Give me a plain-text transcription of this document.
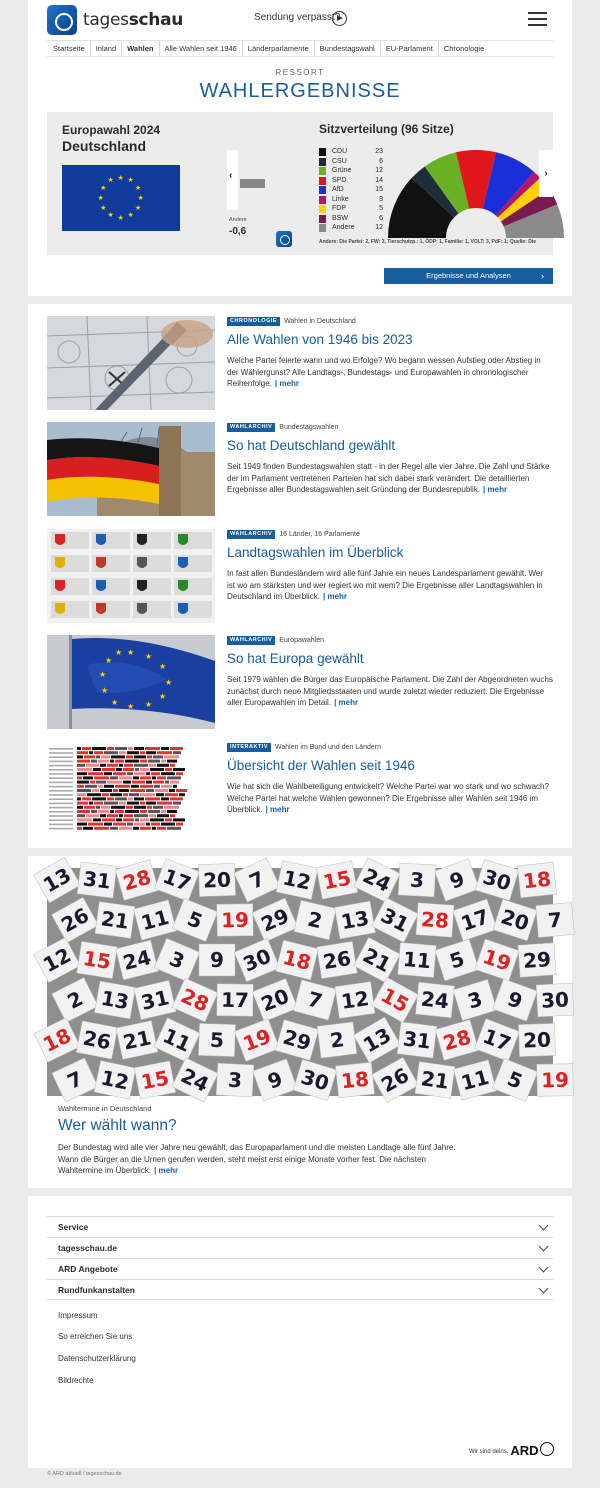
tagesschau	Sendung verpasst?
Startseite	Inland	Wahlen	Alle Wahlen seit 1946	Länderparlamente	Bundestagswahl	EU-Parlament	Chronologie
RESSORT
WAHLERGEBNISSE
Europawahl 2024
Deutschland
★ ★
★
★
★
★
★
★
★
★
★
★	‹
Andere
-0,6
Sitzverteilung (96 Sitze)
CDU	23
CSU	6
Grüne	12
SPD	14
AfD	15
Linke	3
FDP	5
BSW	6
Andere	12
›
Andere: Die Partei: 2, FW: 3, Tierschutzp.: 1, ÖDP: 1, Familie: 1, VOLT: 3, PdF: 1; Quelle: Die
Ergebnisse und Analysen	›
CHRONOLOGIE Wahlen in Deutschland
Alle Wahlen von 1946 bis 2023
Welche Partei feierte wann und wo Erfolge? Wo begann wessen Aufstieg oder Abstieg in der Wählergunst? Alle Landtags-, Bundestags- und Europawahlen in chronologischer Reihenfolge. | mehr
WAHLARCHIV Bundestagswahlen
So hat Deutschland gewählt
Seit 1949 finden Bundestagswahlen statt - in der Regel alle vier Jahre. Die Zahl und Stärke der im Parlament vertretenen Parteien hat sich dabei stark verändert. Die detaillierten Ergebnisse aller Bundestagswahlen seit Gründung der Bundesrepublik. | mehr
WAHLARCHIV 16 Länder, 16 Parlamente
Landtagswahlen im Überblick
In fast allen Bundesländern wird alle fünf Jahre ein neues Landesparlament gewählt. Wer ist wo am stärksten und wer regiert wo mit wem? Die Ergebnisse aller Landtagswahlen in Deutschland im Überblick. | mehr
★ ★
★
★
★
★
★
★
★
★
★
★
WAHLARCHIV Europawahlen
So hat Europa gewählt
Seit 1979 wählen die Bürger das Europäische Parlament. Die Zahl der Abgeordneten wuchs zunächst durch neue Mitgliedsstaaten und wurde zuletzt wieder reduziert. Die Ergebnisse aller Europawahlen im Detail. | mehr
INTERAKTIV Wahlen im Bund und den Ländern
Übersicht der Wahlen seit 1946
Wie hat sich die Wahlbeteiligung entwickelt? Welche Partei war wo stark und wo schwach? Welche Partei hat welche Wahlen gewonnen? Die Ergebnisse aller Wahlen seit 1946 im Überblick. | mehr
13 31 28 17 20 7 12 15 24 3 9 30 18
26 21 11 5 19 29 2 13 31 28 17 20 7
12 15 24 3 9 30 18 26 21 11 5 19 29
2 13 31 28 17 20 7 12 15 24 3 9 30
18 26 21 11 5 19 29 2 13 31 28 17 20
7 12 15 24 3 9 30 18 26 21 11 5 19
Wahltermine in Deutschland
Wer wählt wann?
Der Bundestag wird alle vier Jahre neu gewählt, das Europaparlament und die meisten Landtage alle fünf Jahre. Wann die Bürger an die Urnen gerufen werden, steht meist erst einige Monate vorher fest. Die nächsten Wahltermine im Überblick. | mehr
Service
tagesschau.de
ARD Angebote
Rundfunkanstalten
Impressum
So erreichen Sie uns
Datenschutzerklärung
Bildrechte
Wir sind deins. ARD
© ARD aktuell / tagesschau.de
